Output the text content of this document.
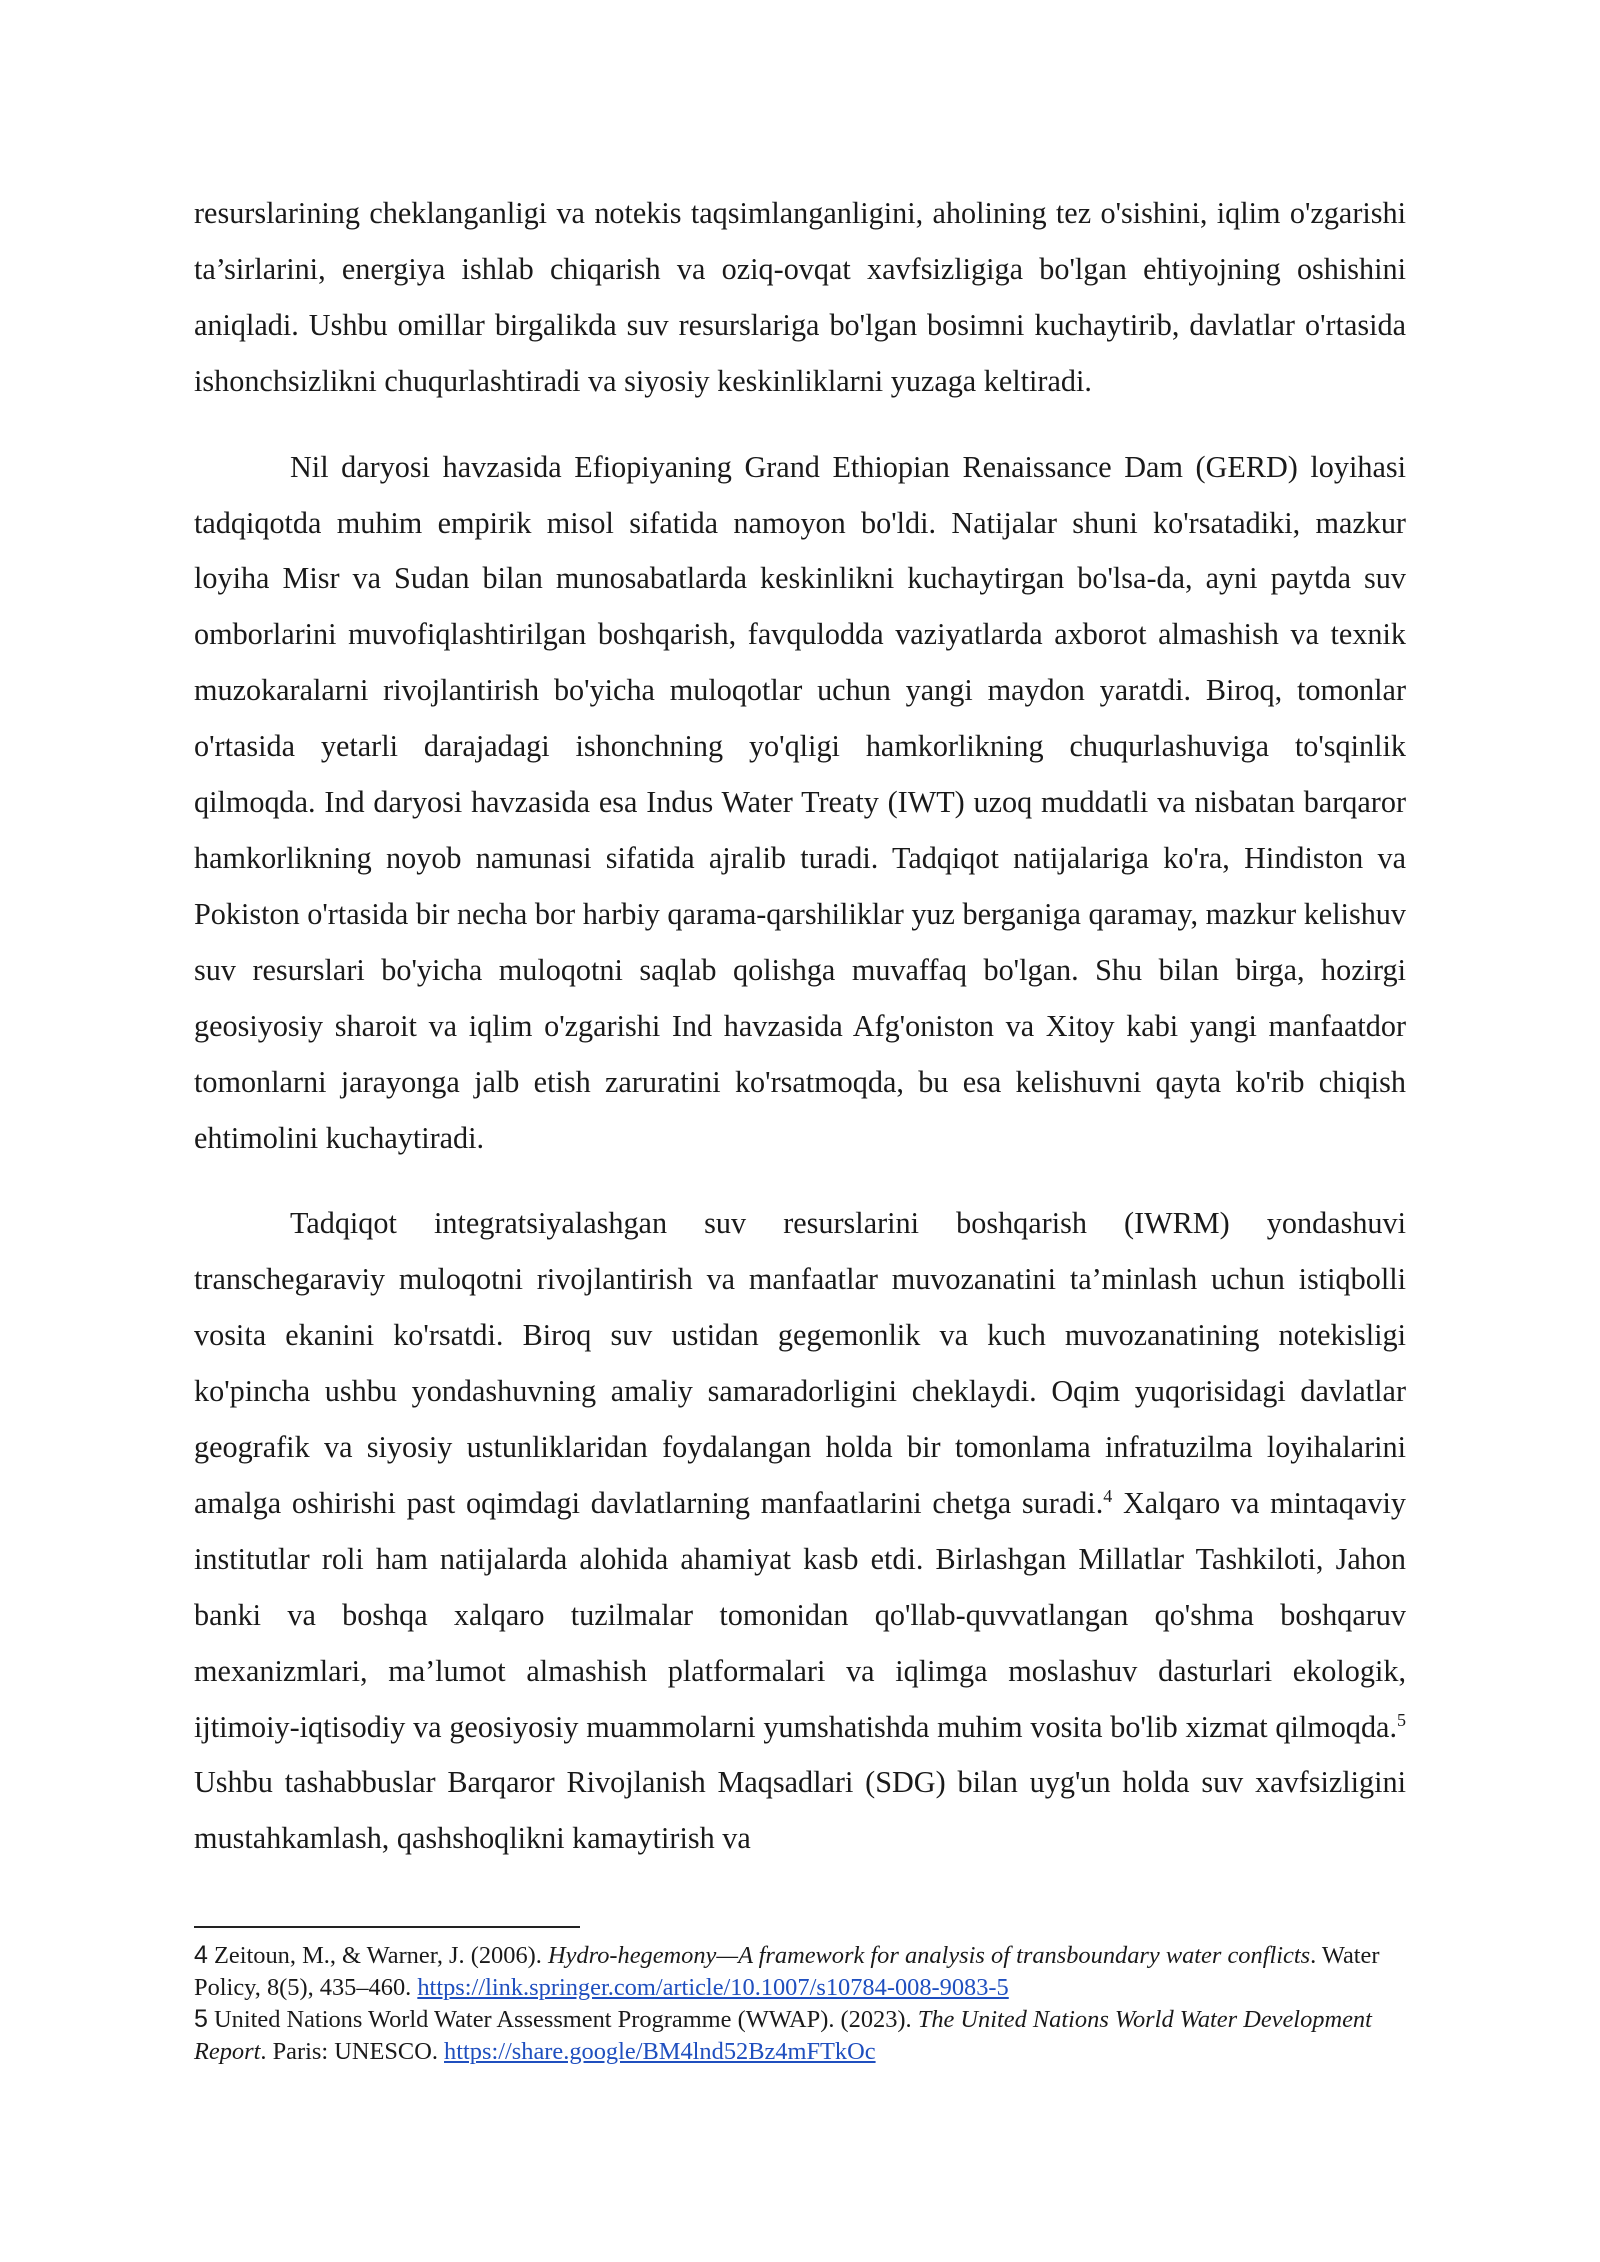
resurslarining cheklanganligi va notekis taqsimlanganligini, aholining tez o'sishini, iqlim o'zgarishi ta’sirlarini, energiya ishlab chiqarish va oziq-ovqat xavfsizligiga bo'lgan ehtiyojning oshishini aniqladi. Ushbu omillar birgalikda suv resurslariga bo'lgan bosimni kuchaytirib, davlatlar o'rtasida ishonchsizlikni chuqurlashtiradi va siyosiy keskinliklarni yuzaga keltiradi.

Nil daryosi havzasida Efiopiyaning Grand Ethiopian Renaissance Dam (GERD) loyihasi tadqiqotda muhim empirik misol sifatida namoyon bo'ldi. Natijalar shuni ko'rsatadiki, mazkur loyiha Misr va Sudan bilan munosabatlarda keskinlikni kuchaytirgan bo'lsa-da, ayni paytda suv omborlarini muvofiqlashtirilgan boshqarish, favqulodda vaziyatlarda axborot almashish va texnik muzokaralarni rivojlantirish bo'yicha muloqotlar uchun yangi maydon yaratdi. Biroq, tomonlar o'rtasida yetarli darajadagi ishonchning yo'qligi hamkorlikning chuqurlashuviga to'sqinlik qilmoqda. Ind daryosi havzasida esa Indus Water Treaty (IWT) uzoq muddatli va nisbatan barqaror hamkorlikning noyob namunasi sifatida ajralib turadi. Tadqiqot natijalariga ko'ra, Hindiston va Pokiston o'rtasida bir necha bor harbiy qarama-qarshiliklar yuz berganiga qaramay, mazkur kelishuv suv resurslari bo'yicha muloqotni saqlab qolishga muvaffaq bo'lgan. Shu bilan birga, hozirgi geosiyosiy sharoit va iqlim o'zgarishi Ind havzasida Afg'oniston va Xitoy kabi yangi manfaatdor tomonlarni jarayonga jalb etish zaruratini ko'rsatmoqda, bu esa kelishuvni qayta ko'rib chiqish ehtimolini kuchaytiradi.

Tadqiqot integratsiyalashgan suv resurslarini boshqarish (IWRM) yondashuvi transchegaraviy muloqotni rivojlantirish va manfaatlar muvozanatini ta’minlash uchun istiqbolli vosita ekanini ko'rsatdi. Biroq suv ustidan gegemonlik va kuch muvozanatining notekisligi ko'pincha ushbu yondashuvning amaliy samaradorligini cheklaydi. Oqim yuqorisidagi davlatlar geografik va siyosiy ustunliklaridan foydalangan holda bir tomonlama infratuzilma loyihalarini amalga oshirishi past oqimdagi davlatlarning manfaatlarini chetga suradi.$^4$ Xalqaro va mintaqaviy institutlar roli ham natijalarda alohida ahamiyat kasb etdi. Birlashgan Millatlar Tashkiloti, Jahon banki va boshqa xalqaro tuzilmalar tomonidan qo'llab-quvvatlangan qo'shma boshqaruv mexanizmlari, ma’lumot almashish platformalari va iqlimga moslashuv dasturlari ekologik, ijtimoiy-iqtisodiy va geosiyosiy muammolarni yumshatishda muhim vosita bo'lib xizmat qilmoqda.$^5$ Ushbu tashabbuslar Barqaror Rivojlanish Maqsadlari (SDG) bilan uyg'un holda suv xavfsizligini mustahkamlash, qashshoqlikni kamaytirish va

4 Zeitoun, M., & Warner, J. (2006). Hydro-hegemony—A framework for analysis of transboundary water conflicts. Water Policy, 8(5), 435–460. https://link.springer.com/article/10.1007/s10784-008-9083-5
5 United Nations World Water Assessment Programme (WWAP). (2023). The United Nations World Water Development Report. Paris: UNESCO. https://share.google/BM4lnd52Bz4mFTkOc
